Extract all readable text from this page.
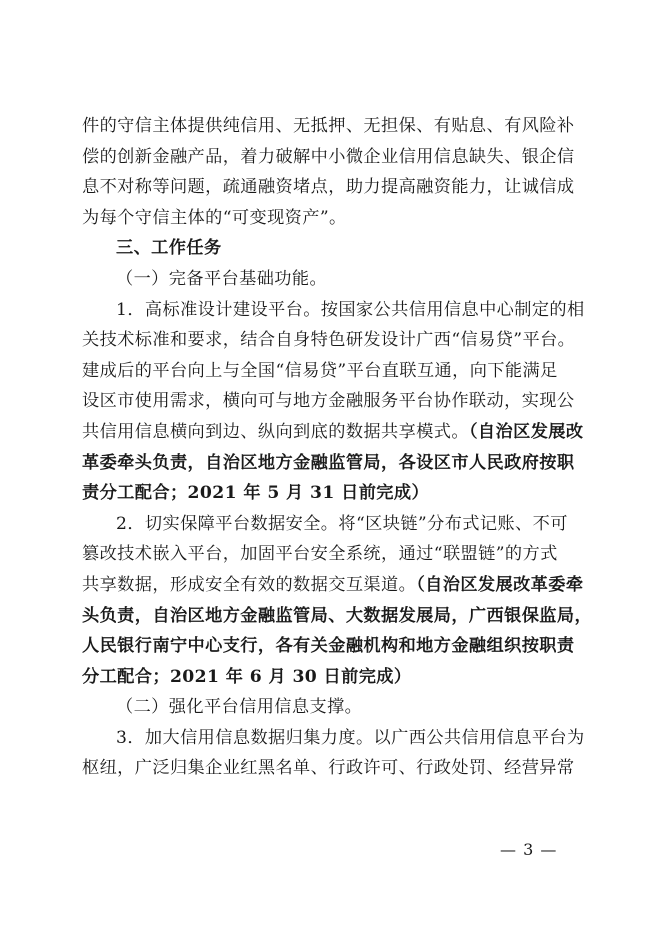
件的守信主体提供纯信用、无抵押、无担保、有贴息、有风险补
偿的创新金融产品，着力破解中小微企业信用信息缺失、银企信
息不对称等问题，疏通融资堵点，助力提高融资能力，让诚信成
为每个守信主体的“可变现资产”。
三、工作任务
（一）完备平台基础功能。
1．高标准设计建设平台。按国家公共信用信息中心制定的相
关技术标准和要求，结合自身特色研发设计广西“信易贷”平台。
建成后的平台向上与全国“信易贷”平台直联互通，向下能满足
设区市使用需求，横向可与地方金融服务平台协作联动，实现公
共信用信息横向到边、纵向到底的数据共享模式。（自治区发展改
革委牵头负责，自治区地方金融监管局，各设区市人民政府按职
责分工配合；2021 年 5 月 31 日前完成）
2．切实保障平台数据安全。将“区块链”分布式记账、不可
篡改技术嵌入平台，加固平台安全系统，通过“联盟链”的方式
共享数据，形成安全有效的数据交互渠道。（自治区发展改革委牵
头负责，自治区地方金融监管局、大数据发展局，广西银保监局，
人民银行南宁中心支行，各有关金融机构和地方金融组织按职责
分工配合；2021 年 6 月 30 日前完成）
（二）强化平台信用信息支撑。
3．加大信用信息数据归集力度。以广西公共信用信息平台为
枢纽，广泛归集企业红黑名单、行政许可、行政处罚、经营异常
— 3 —
